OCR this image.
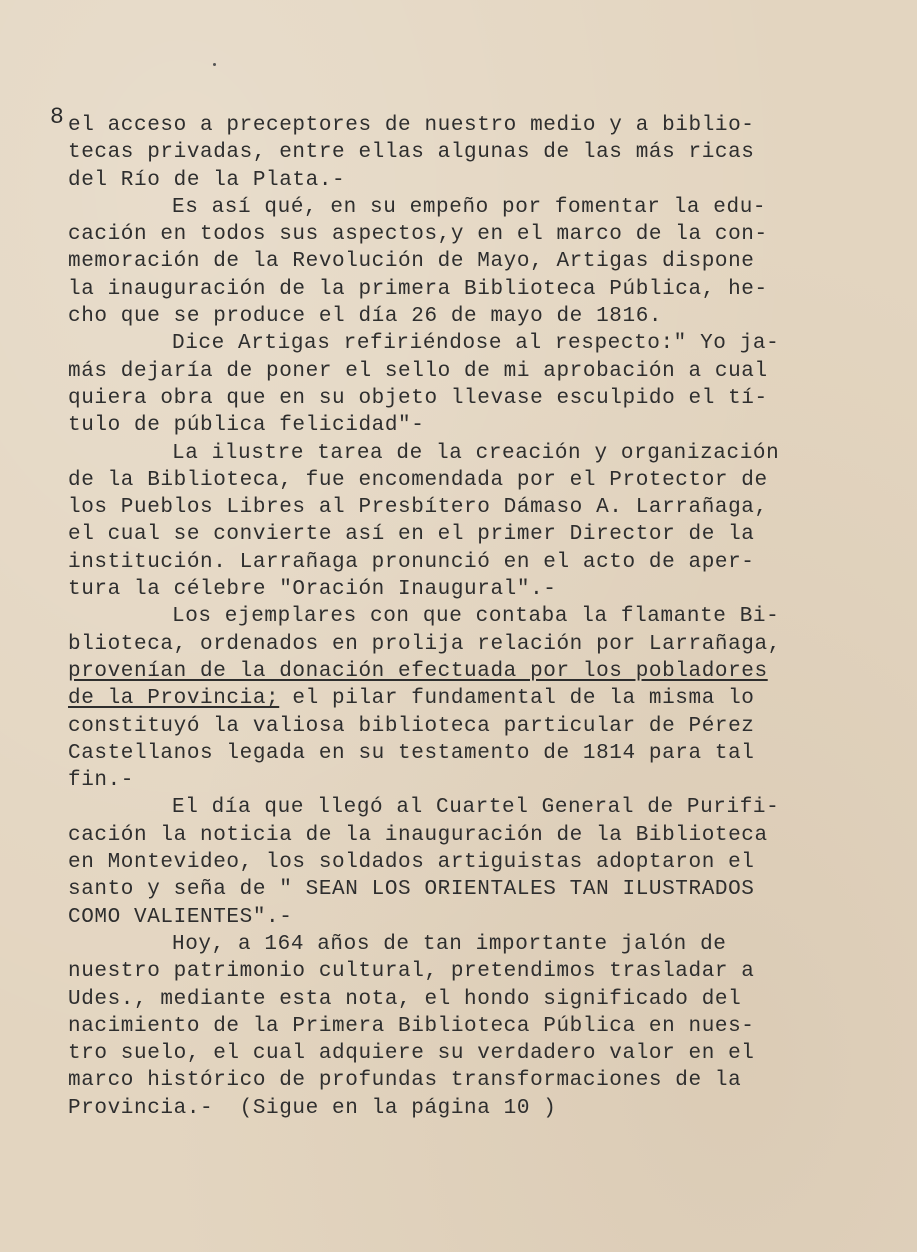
8 el acceso a preceptores de nuestro medio y a biblio-
tecas privadas, entre ellas algunas de las más ricas
del Río de la Plata.-
Es así qué, en su empeño por fomentar la edu-
cación en todos sus aspectos,y en el marco de la con-
memoración de la Revolución de Mayo, Artigas dispone
la inauguración de la primera Biblioteca Pública, he-
cho que se produce el día 26 de mayo de 1816.
Dice Artigas refiriéndose al respecto:" Yo ja-
más dejaría de poner el sello de mi aprobación a cual
quiera obra que en su objeto llevase esculpido el tí-
tulo de pública felicidad"-
La ilustre tarea de la creación y organización
de la Biblioteca, fue encomendada por el Protector de
los Pueblos Libres al Presbítero Dámaso A. Larrañaga,
el cual se convierte así en el primer Director de la
institución. Larrañaga pronunció en el acto de aper-
tura la célebre "Oración Inaugural".-
Los ejemplares con que contaba la flamante Bi-
blioteca, ordenados en prolija relación por Larrañaga,
provenían de la donación efectuada por los pobladores
de la Provincia; el pilar fundamental de la misma lo
constituyó la valiosa biblioteca particular de Pérez
Castellanos legada en su testamento de 1814 para tal
fin.-
El día que llegó al Cuartel General de Purifi-
cación la noticia de la inauguración de la Biblioteca
en Montevideo, los soldados artiguistas adoptaron el
santo y seña de " SEAN LOS ORIENTALES TAN ILUSTRADOS
COMO VALIENTES".-
Hoy, a 164 años de tan importante jalón de
nuestro patrimonio cultural, pretendimos trasladar a
Udes., mediante esta nota, el hondo significado del
nacimiento de la Primera Biblioteca Pública en nues-
tro suelo, el cual adquiere su verdadero valor en el
marco histórico de profundas transformaciones de la
Provincia.-  (Sigue en la página 10 )
